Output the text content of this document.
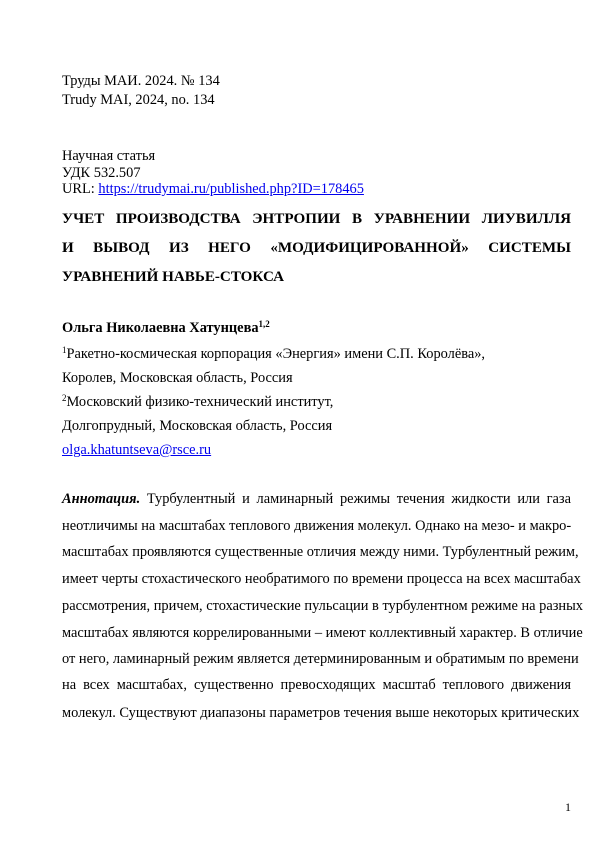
Труды МАИ. 2024. № 134
Trudy MAI, 2024, no. 134
Научная статья
УДК 532.507
URL: https://trudymai.ru/published.php?ID=178465
УЧЕТ ПРОИЗВОДСТВА ЭНТРОПИИ В УРАВНЕНИИ ЛИУВИЛЛЯ
И ВЫВОД ИЗ НЕГО «МОДИФИЦИРОВАННОЙ» СИСТЕМЫ
УРАВНЕНИЙ НАВЬЕ-СТОКСА
Ольга Николаевна Хатунцева$^{1,2}$
$^1$Ракетно-космическая корпорация «Энергия» имени С.П. Королёва»,
Королев, Московская область, Россия
$^2$Московский физико-технический институт,
Долгопрудный, Московская область, Россия
olga.khatuntseva@rsce.ru
Аннотация. Турбулентный и ламинарный режимы течения жидкости или газа
неотличимы на масштабах теплового движения молекул. Однако на мезо- и макро-
масштабах проявляются существенные отличия между ними. Турбулентный режим,
имеет черты стохастического необратимого по времени процесса на всех масштабах
рассмотрения, причем, стохастические пульсации в турбулентном режиме на разных
масштабах являются коррелированными – имеют коллективный характер. В отличие
от него, ламинарный режим является детерминированным и обратимым по времени
на всех масштабах, существенно превосходящих масштаб теплового движения
молекул. Существуют диапазоны параметров течения выше некоторых критических
1
